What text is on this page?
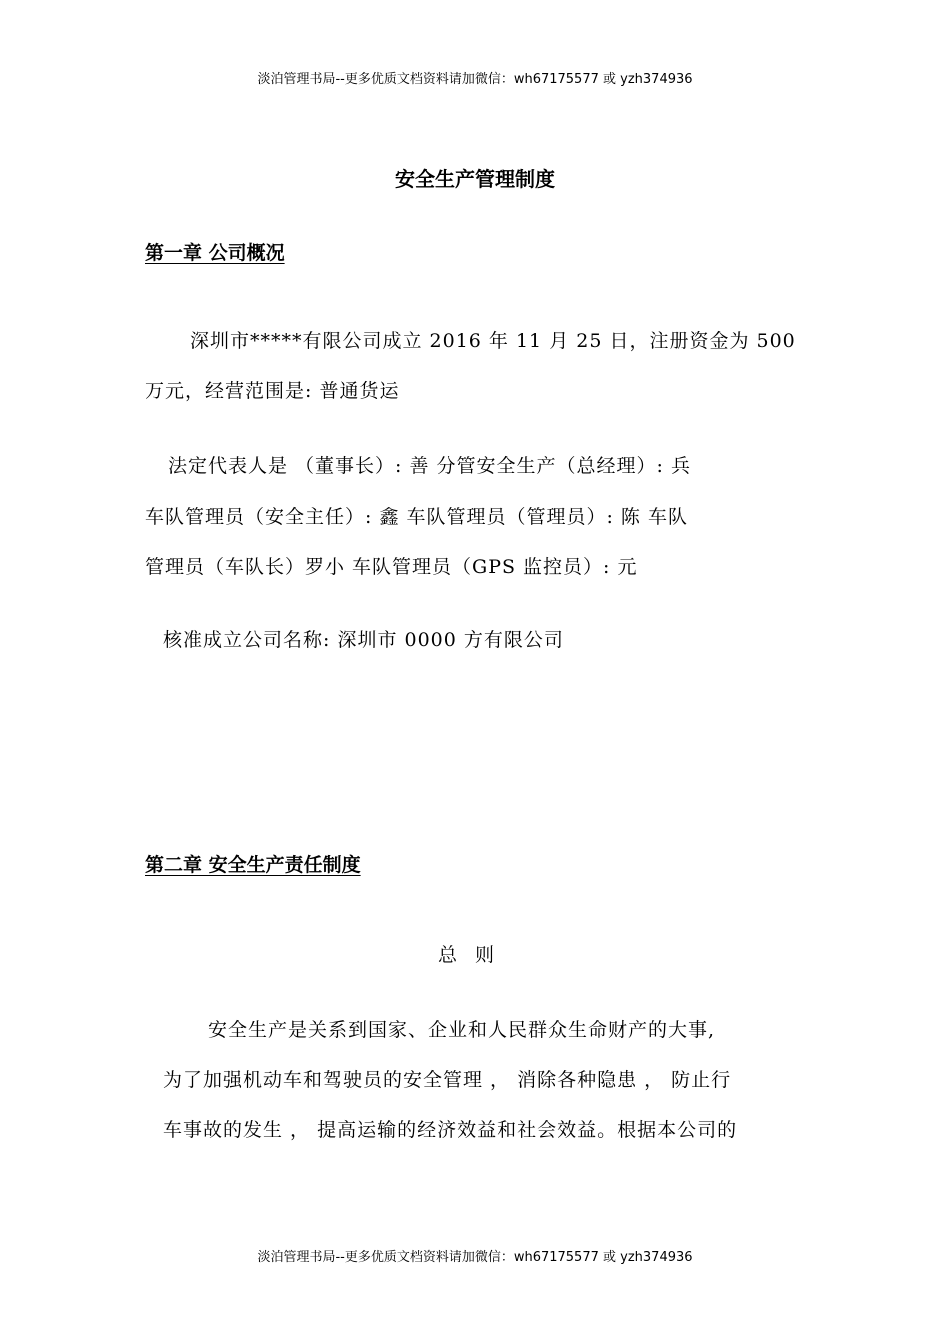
淡泊管理书局--更多优质文档资料请加微信：wh67175577 或 yzh374936
安全生产管理制度
第一章 公司概况
深圳市*****有限公司成立 2016 年 11 月 25 日，注册资金为 500
万元，经营范围是: 普通货运
法定代表人是 （董事长）: 善 分管安全生产（总经理）: 兵
车队管理员（安全主任）: 鑫 车队管理员（管理员）: 陈 车队
管理员（车队长）罗小 车队管理员（GPS 监控员）: 元
核准成立公司名称: 深圳市 0000 方有限公司
第二章 安全生产责任制度
总则
安全生产是关系到国家、企业和人民群众生命财产的大事,
为了加强机动车和驾驶员的安全管理 ， 消除各种隐患 ， 防止行
车事故的发生 ， 提高运输的经济效益和社会效益。根据本公司的
淡泊管理书局--更多优质文档资料请加微信：wh67175577 或 yzh374936
